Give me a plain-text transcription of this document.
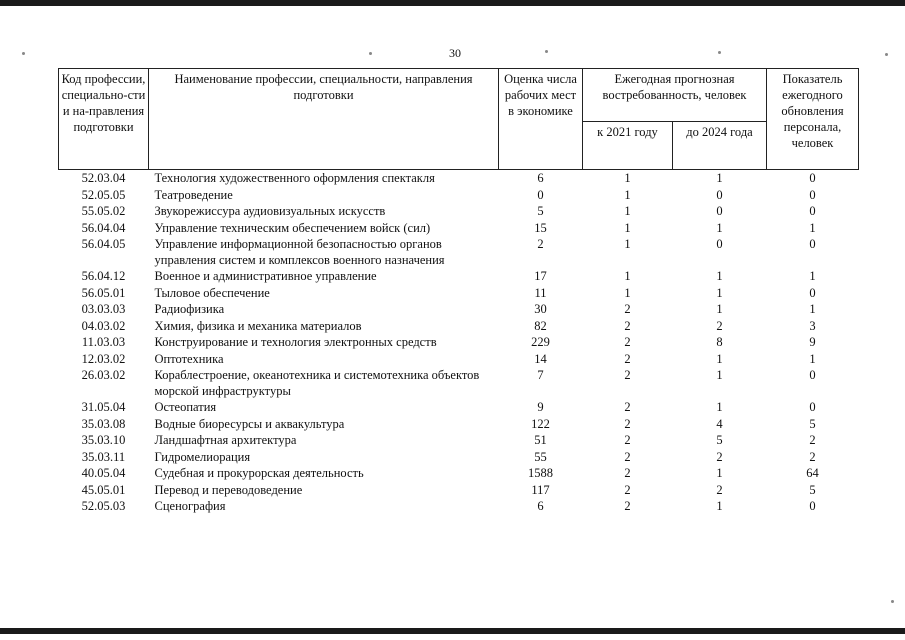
30
Код профессии, специально-сти и на-правления подготовки	Наименование профессии, специальности, направления подготовки	Оценка числа рабочих мест в экономике	Ежегодная прогнозная востребованность, человек		Показатель ежегодного обновления персонала, человек
			к 2021 году	до 2024 года	
52.03.04	Технология художественного оформления спектакля	6	1	1	0
52.05.05	Театроведение	0	1	0	0
55.05.02	Звукорежиссура аудиовизуальных искусств	5	1	0	0
56.04.04	Управление техническим обеспечением войск (сил)	15	1	1	1
56.04.05	Управление информационной безопасностью органов управления систем и комплексов военного назначения	2	1	0	0
56.04.12	Военное и административное управление	17	1	1	1
56.05.01	Тыловое обеспечение	11	1	1	0
03.03.03	Радиофизика	30	2	1	1
04.03.02	Химия, физика и механика материалов	82	2	2	3
11.03.03	Конструирование и технология электронных средств	229	2	8	9
12.03.02	Оптотехника	14	2	1	1
26.03.02	Кораблестроение, океанотехника и системотехника объектов морской инфраструктуры	7	2	1	0
31.05.04	Остеопатия	9	2	1	0
35.03.08	Водные биоресурсы и аквакультура	122	2	4	5
35.03.10	Ландшафтная архитектура	51	2	5	2
35.03.11	Гидромелиорация	55	2	2	2
40.05.04	Судебная и прокурорская деятельность	1588	2	1	64
45.05.01	Перевод и переводоведение	117	2	2	5
52.05.03	Сценография	6	2	1	0
